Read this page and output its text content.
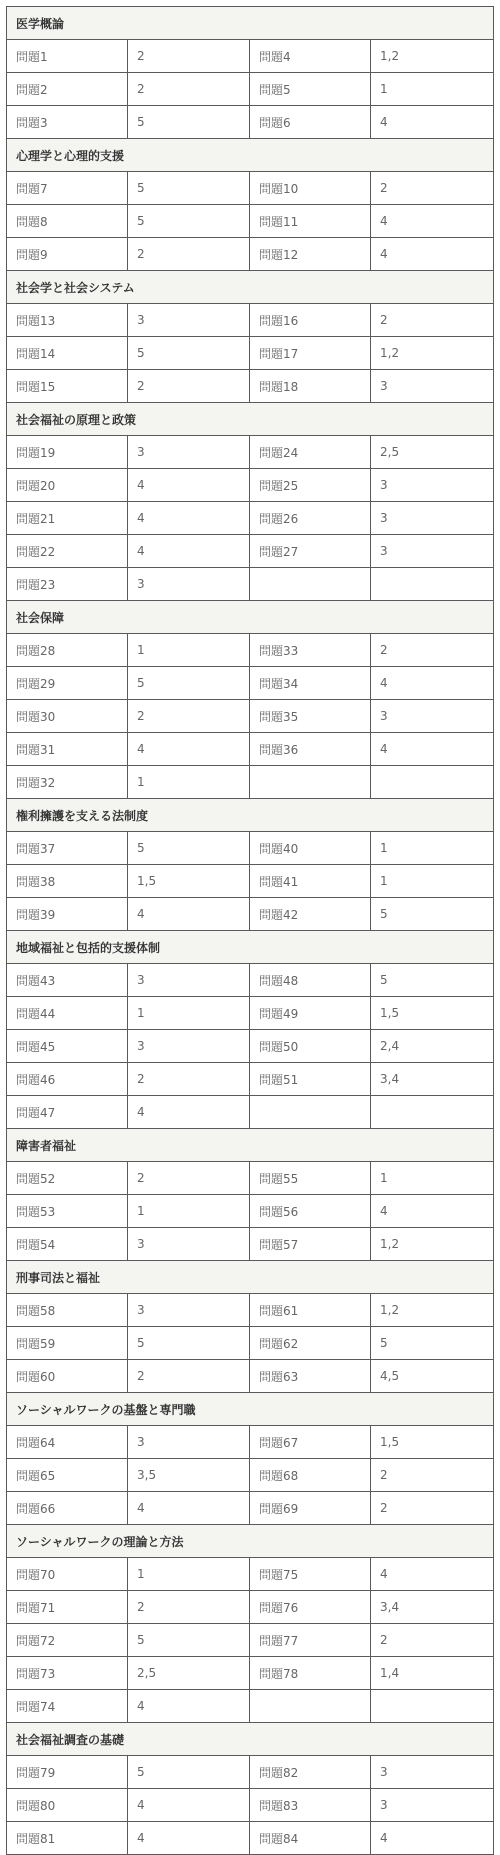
医学概論			
問題1	2	問題4	1,2
問題2	2	問題5	1
問題3	5	問題6	4
心理学と心理的支援			
問題7	5	問題10	2
問題8	5	問題11	4
問題9	2	問題12	4
社会学と社会システム			
問題13	3	問題16	2
問題14	5	問題17	1,2
問題15	2	問題18	3
社会福祉の原理と政策			
問題19	3	問題24	2,5
問題20	4	問題25	3
問題21	4	問題26	3
問題22	4	問題27	3
問題23	3		
社会保障			
問題28	1	問題33	2
問題29	5	問題34	4
問題30	2	問題35	3
問題31	4	問題36	4
問題32	1		
権利擁護を支える法制度			
問題37	5	問題40	1
問題38	1,5	問題41	1
問題39	4	問題42	5
地域福祉と包括的支援体制			
問題43	3	問題48	5
問題44	1	問題49	1,5
問題45	3	問題50	2,4
問題46	2	問題51	3,4
問題47	4		
障害者福祉			
問題52	2	問題55	1
問題53	1	問題56	4
問題54	3	問題57	1,2
刑事司法と福祉			
問題58	3	問題61	1,2
問題59	5	問題62	5
問題60	2	問題63	4,5
ソーシャルワークの基盤と専門職			
問題64	3	問題67	1,5
問題65	3,5	問題68	2
問題66	4	問題69	2
ソーシャルワークの理論と方法			
問題70	1	問題75	4
問題71	2	問題76	3,4
問題72	5	問題77	2
問題73	2,5	問題78	1,4
問題74	4		
社会福祉調査の基礎			
問題79	5	問題82	3
問題80	4	問題83	3
問題81	4	問題84	4
